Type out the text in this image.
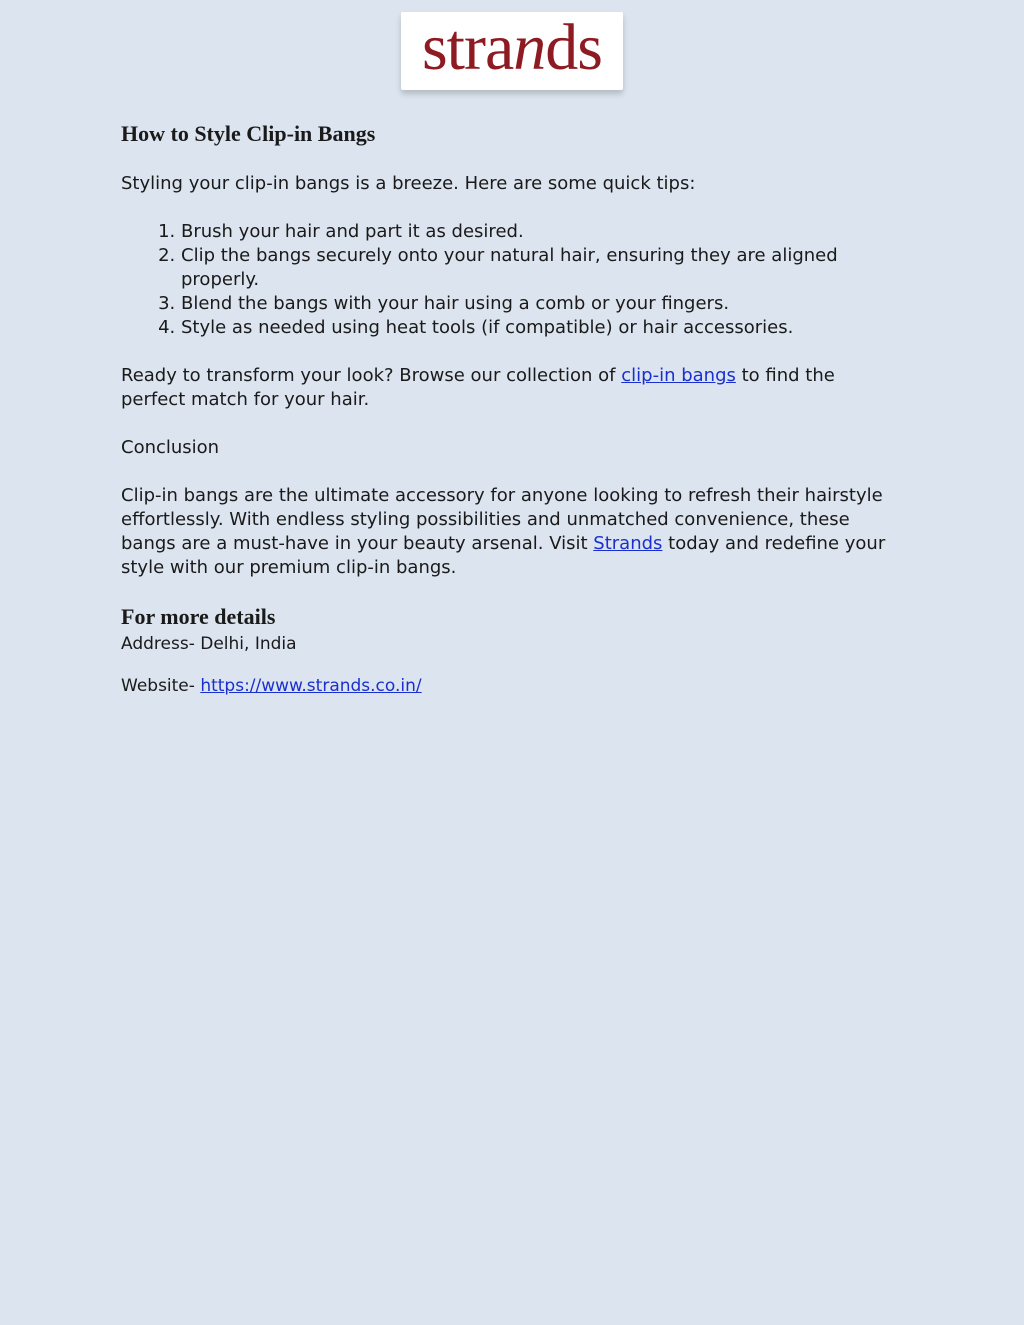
strands
How to Style Clip-in Bangs

Styling your clip-in bangs is a breeze. Here are some quick tips:

1. Brush your hair and part it as desired.
2. Clip the bangs securely onto your natural hair, ensuring they are aligned properly.
3. Blend the bangs with your hair using a comb or your fingers.
4. Style as needed using heat tools (if compatible) or hair accessories.

Ready to transform your look? Browse our collection of clip-in bangs to find the perfect match for your hair.

Conclusion

Clip-in bangs are the ultimate accessory for anyone looking to refresh their hairstyle effortlessly. With endless styling possibilities and unmatched convenience, these bangs are a must-have in your beauty arsenal. Visit Strands today and redefine your style with our premium clip-in bangs.

For more details

Address- Delhi, India

Website- https://www.strands.co.in/
